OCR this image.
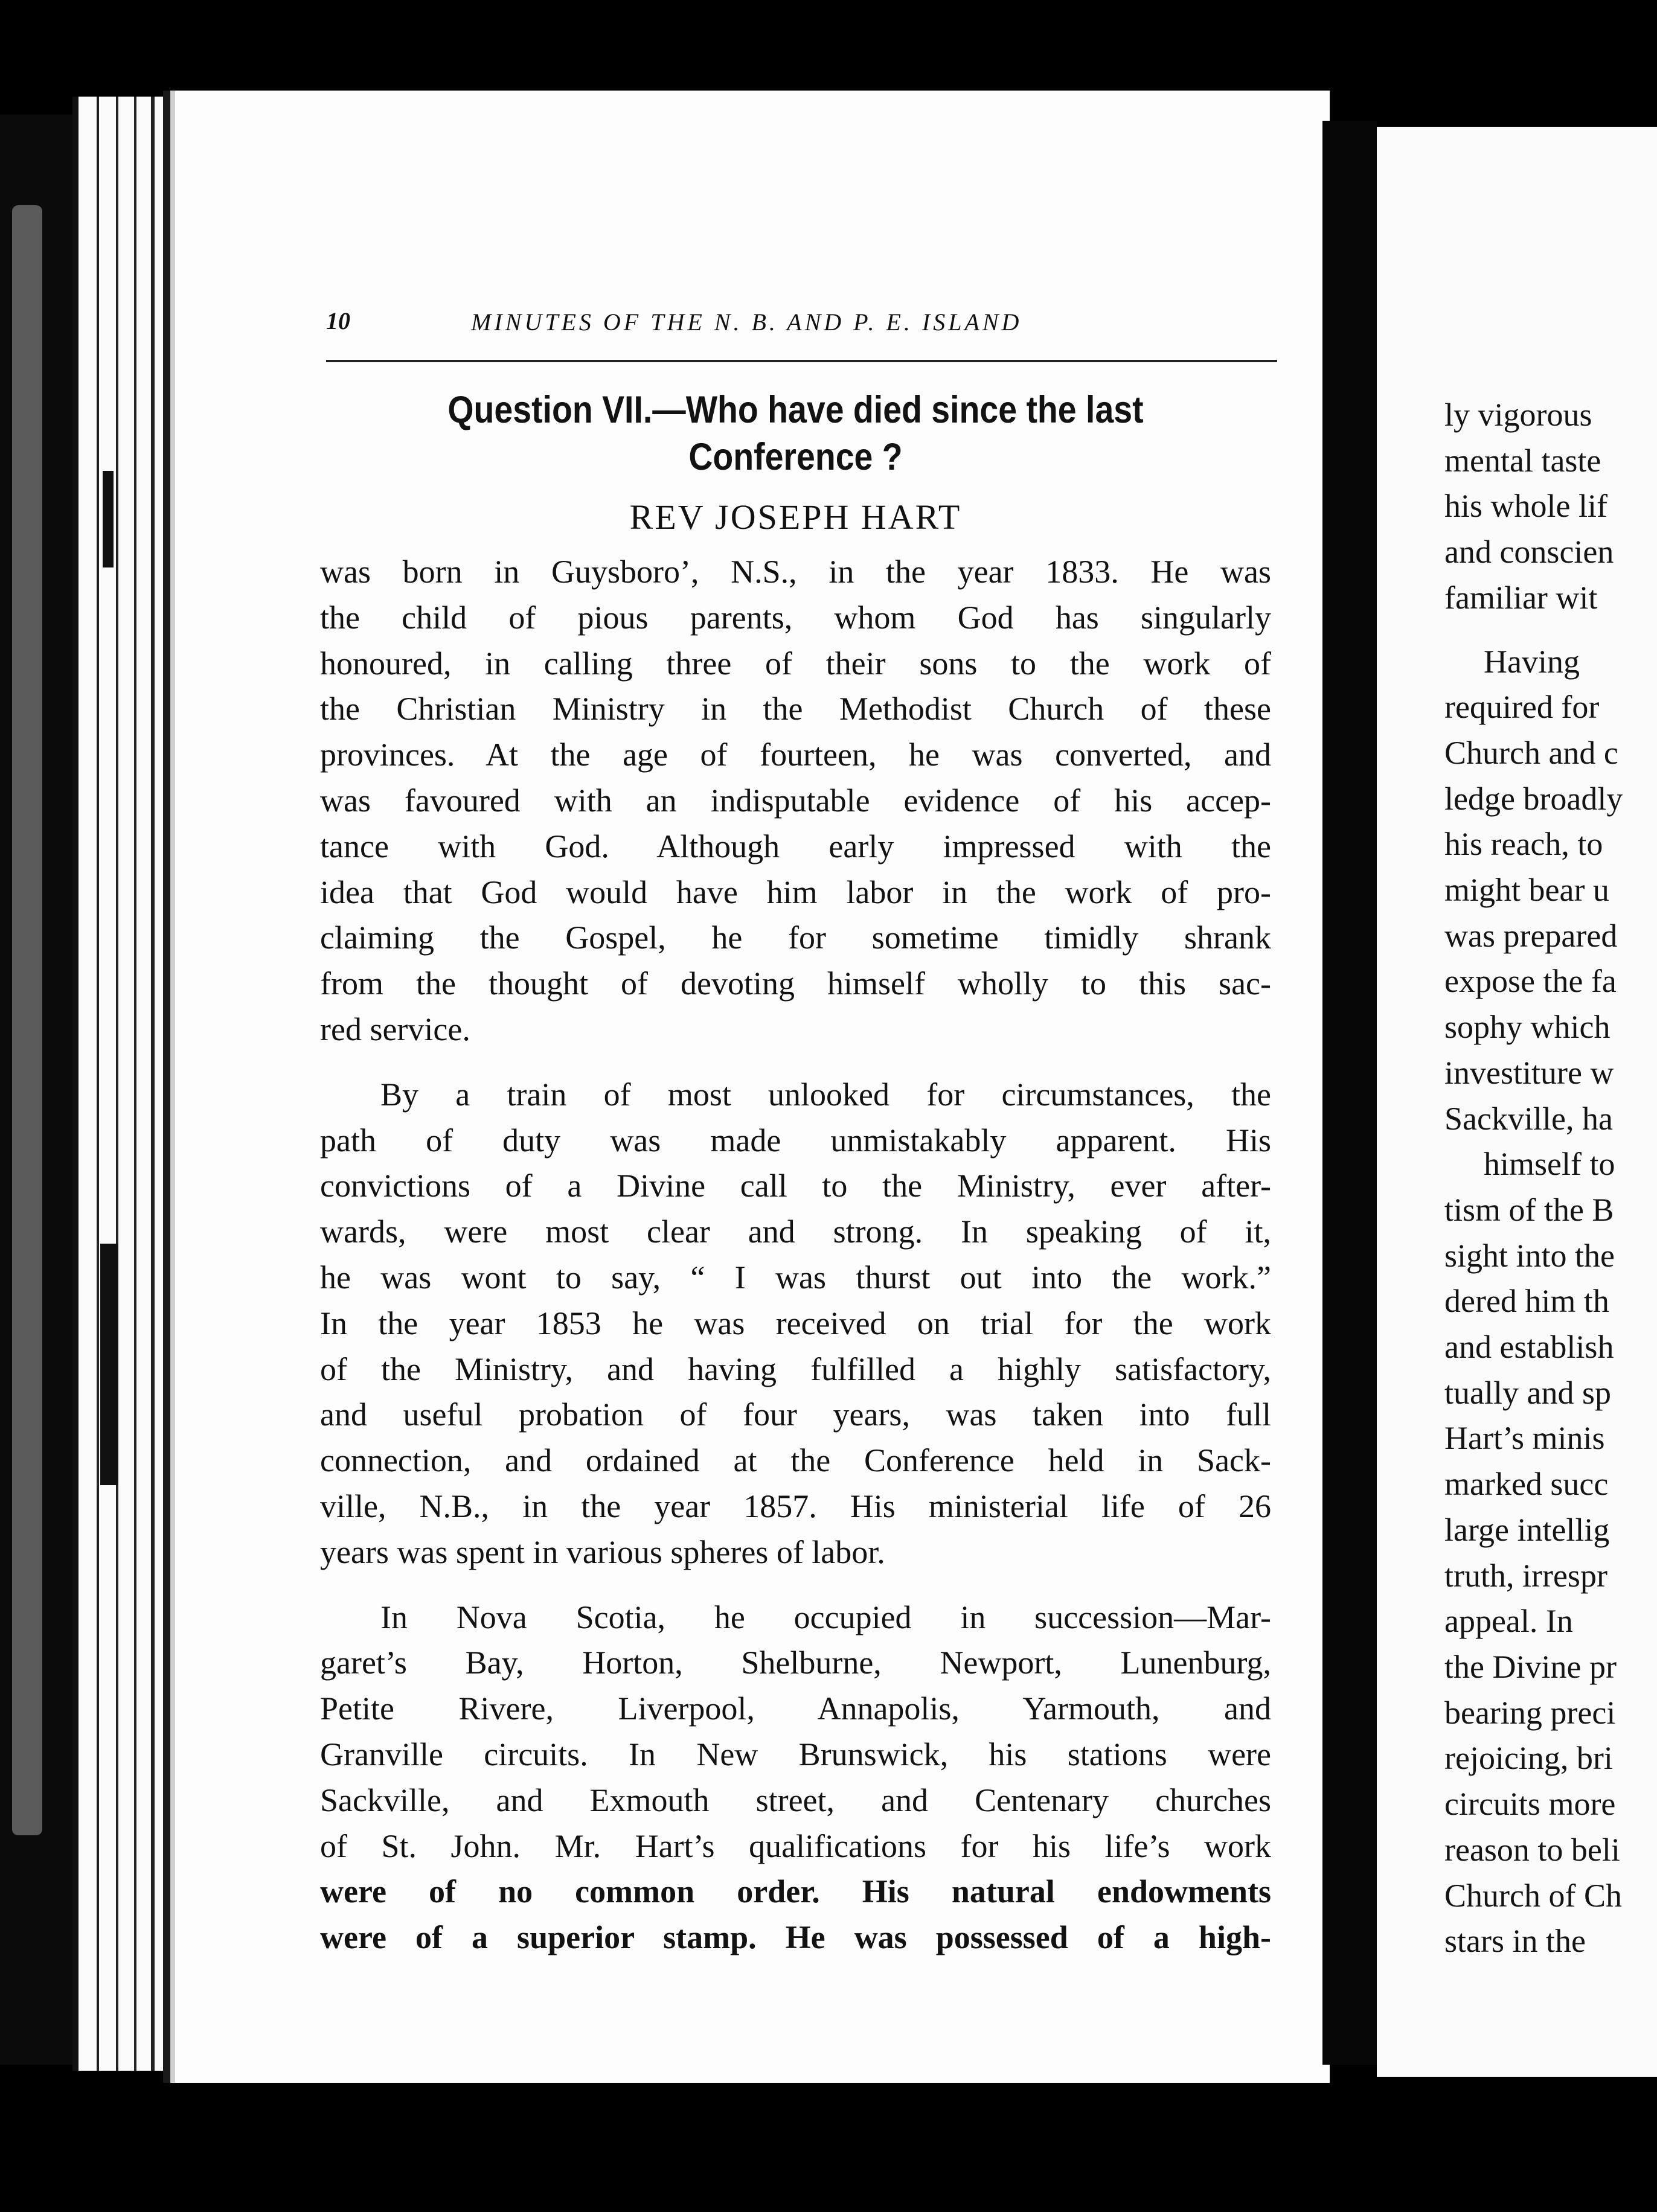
10	MINUTES OF THE N. B. AND P. E. ISLAND
Question VII.—Who have died since the last
Conference ?
REV JOSEPH HART

was born in Guysboro’, N.S., in the year 1833. He was
the child of pious parents, whom God has singularly
honoured, in calling three of their sons to the work of
the Christian Ministry in the Methodist Church of these
provinces. At the age of fourteen, he was converted, and
was favoured with an indisputable evidence of his accep-
tance with God. Although early impressed with the
idea that God would have him labor in the work of pro-
claiming the Gospel, he for sometime timidly shrank
from the thought of devoting himself wholly to this sac-
red service.

By a train of most unlooked for circumstances, the
path of duty was made unmistakably apparent. His
convictions of a Divine call to the Ministry, ever after-
wards, were most clear and strong. In speaking of it,
he was wont to say, “ I was thurst out into the work.”
In the year 1853 he was received on trial for the work
of the Ministry, and having fulfilled a highly satisfactory,
and useful probation of four years, was taken into full
connection, and ordained at the Conference held in Sack-
ville, N.B., in the year 1857. His ministerial life of 26
years was spent in various spheres of labor.

In Nova Scotia, he occupied in succession—Mar-
garet’s Bay, Horton, Shelburne, Newport, Lunenburg,
Petite Rivere, Liverpool, Annapolis, Yarmouth, and
Granville circuits. In New Brunswick, his stations were
Sackville, and Exmouth street, and Centenary churches
of St. John. Mr. Hart’s qualifications for his life’s work
were of no common order. His natural endowments
were of a superior stamp. He was possessed of a high-

ly vigorous
mental taste
his whole lif
and conscien
familiar wit
Having
required for
Church and c
ledge broadly
his reach, to
might bear u
was prepared
expose the fa
sophy which
investiture w
Sackville, ha
himself to
tism of the B
sight into the
dered him th
and establish
tually and sp
Hart’s minis
marked succ
large intellig
truth, irrespr
appeal. In
the Divine pr
bearing preci
rejoicing, bri
circuits more
reason to beli
Church of Ch
stars in the
